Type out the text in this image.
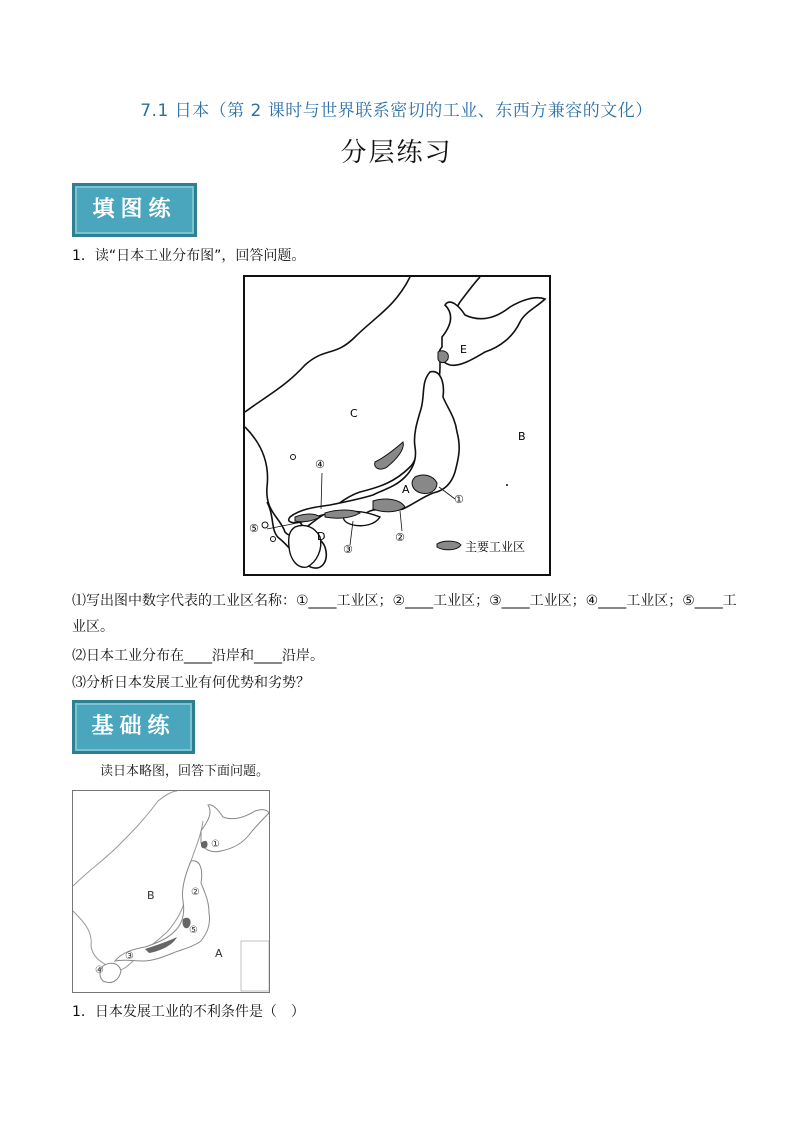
7.1 日本（第 2 课时与世界联系密切的工业、东西方兼容的文化）
分层练习
填图练
1．读“日本工业分布图”，回答问题。
E
C
B
A
D
①
②
③
④
⑤
主要工业区
⑴写出图中数字代表的工业区名称：①____工业区；②____工业区；③____工业区；④____工业区；⑤____工
业区。
⑵日本工业分布在____沿岸和____沿岸。
⑶分析日本发展工业有何优势和劣势？
基础练
读日本略图，回答下面问题。
B
A
①
②
③
④
⑤
1．日本发展工业的不利条件是（　）
